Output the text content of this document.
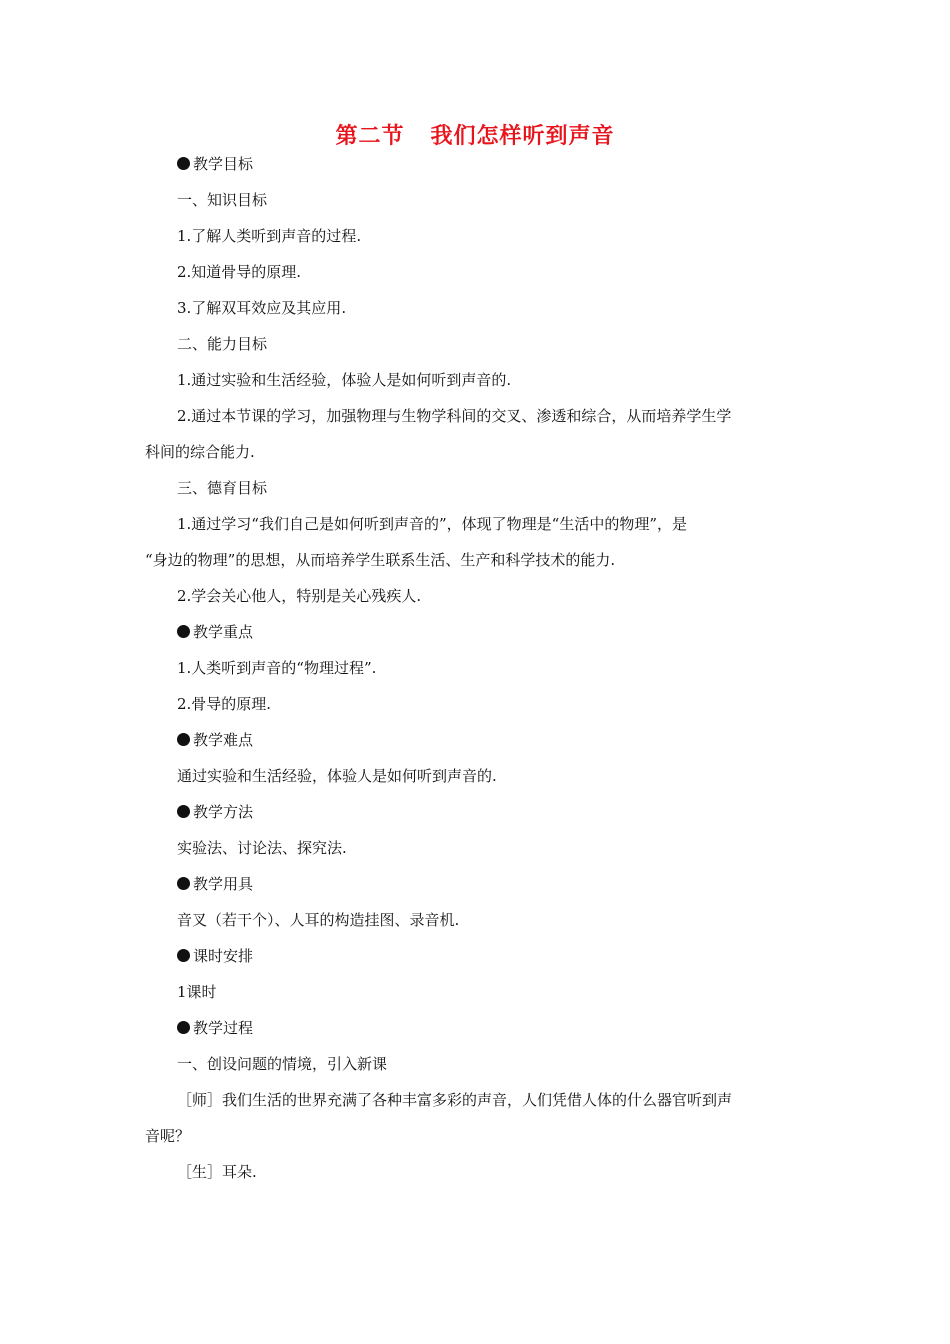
第二节 我们怎样听到声音

教学目标

一、知识目标

1.了解人类听到声音的过程.

2.知道骨导的原理.

3.了解双耳效应及其应用.

二、能力目标

1.通过实验和生活经验，体验人是如何听到声音的.

2.通过本节课的学习，加强物理与生物学科间的交叉、渗透和综合，从而培养学生学

科间的综合能力.

三、德育目标

1.通过学习“我们自己是如何听到声音的”，体现了物理是“生活中的物理”，是

“身边的物理”的思想，从而培养学生联系生活、生产和科学技术的能力.

2.学会关心他人，特别是关心残疾人.

教学重点

1.人类听到声音的“物理过程”.

2.骨导的原理.

教学难点

通过实验和生活经验，体验人是如何听到声音的.

教学方法

实验法、讨论法、探究法.

教学用具

音叉（若干个）、人耳的构造挂图、录音机.

课时安排

1课时

教学过程

一、创设问题的情境，引入新课

［师］我们生活的世界充满了各种丰富多彩的声音，人们凭借人体的什么器官听到声

音呢？

［生］耳朵.
